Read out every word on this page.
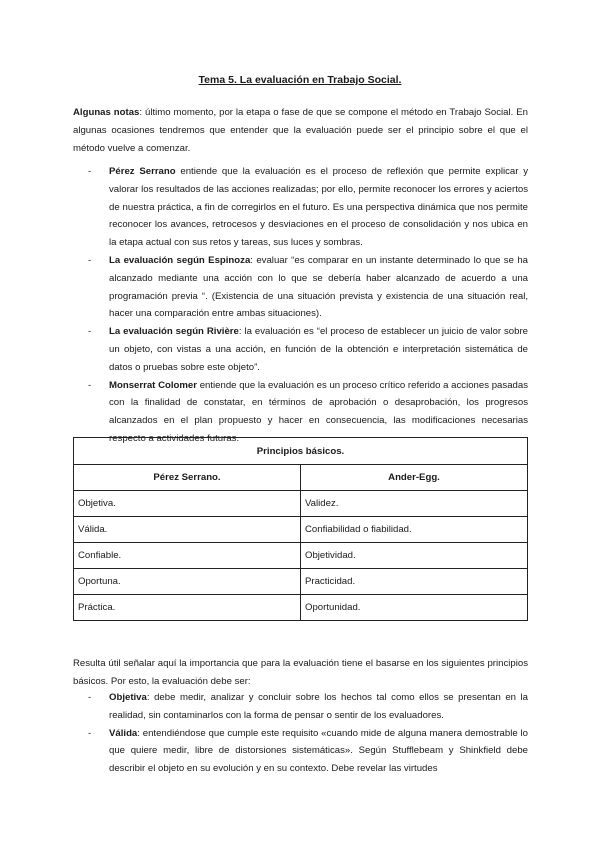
Tema 5. La evaluación en Trabajo Social.

Algunas notas: último momento, por la etapa o fase de que se compone el método en Trabajo Social. En algunas ocasiones tendremos que entender que la evaluación puede ser el principio sobre el que el método vuelve a comenzar.

- Pérez Serrano entiende que la evaluación es el proceso de reflexión que permite explicar y valorar los resultados de las acciones realizadas; por ello, permite reconocer los errores y aciertos de nuestra práctica, a fin de corregirlos en el futuro. Es una perspectiva dinámica que nos permite reconocer los avances, retrocesos y desviaciones en el proceso de consolidación y nos ubica en la etapa actual con sus retos y tareas, sus luces y sombras.
- La evaluación según Espinoza: evaluar “es comparar en un instante determinado lo que se ha alcanzado mediante una acción con lo que se debería haber alcanzado de acuerdo a una programación previa “. (Existencia de una situación prevista y existencia de una situación real, hacer una comparación entre ambas situaciones).
- La evaluación según Rivière: la evaluación es “el proceso de establecer un juicio de valor sobre un objeto, con vistas a una acción, en función de la obtención e interpretación sistemática de datos o pruebas sobre este objeto”.
- Monserrat Colomer entiende que la evaluación es un proceso crítico referido a acciones pasadas con la finalidad de constatar, en términos de aprobación o desaprobación, los progresos alcanzados en el plan propuesto y hacer en consecuencia, las modificaciones necesarias respecto a actividades futuras.
Principios básicos.	
Pérez Serrano.	Ander-Egg.
Objetiva.	Validez.
Válida.	Confiabilidad o fiabilidad.
Confiable.	Objetividad.
Oportuna.	Practicidad.
Práctica.	Oportunidad.

Resulta útil señalar aquí la importancia que para la evaluación tiene el basarse en los siguientes principios básicos. Por esto, la evaluación debe ser:

- Objetiva: debe medir, analizar y concluir sobre los hechos tal como ellos se presentan en la realidad, sin contaminarlos con la forma de pensar o sentir de los evaluadores.
- Válida: entendiéndose que cumple este requisito «cuando mide de alguna manera demostrable lo que quiere medir, libre de distorsiones sistemáticas». Según Stufflebeam y Shinkfield debe describir el objeto en su evolución y en su contexto. Debe revelar las virtudes
